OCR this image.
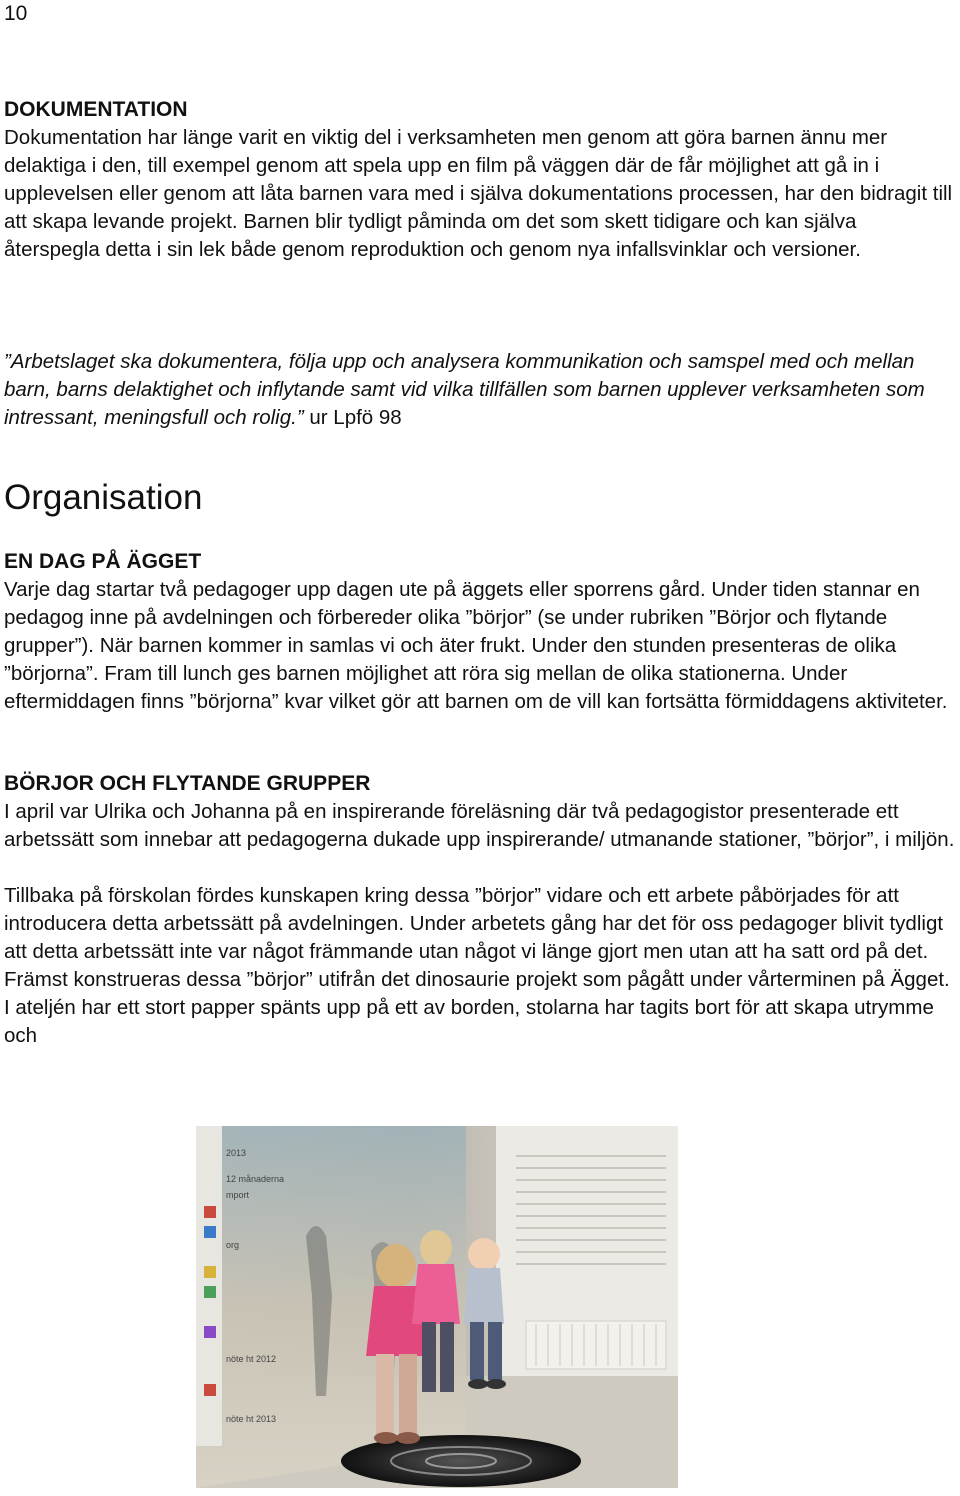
10

DOKUMENTATION

Dokumentation har länge varit en viktig del i verksamheten men genom att göra barnen ännu mer delaktiga i den, till exempel genom att spela upp en film på väggen där de får möjlighet att gå in i upplevelsen eller genom att låta barnen vara med i själva dokumentations processen, har den bidragit till att skapa levande projekt. Barnen blir tydligt påminda om det som skett tidigare och kan själva återspegla detta i sin lek både genom reproduktion och genom nya infallsvinklar och versioner.

”Arbetslaget ska dokumentera, följa upp och analysera kommunikation och samspel med och mellan barn, barns delaktighet och inflytande samt vid vilka tillfällen som barnen upplever verksamheten som intressant, meningsfull och rolig.” ur Lpfö 98

Organisation

EN DAG PÅ ÄGGET

Varje dag startar två pedagoger upp dagen ute på äggets eller sporrens gård. Under tiden stannar en pedagog inne på avdelningen och förbereder olika ”börjor” (se under rubriken ”Börjor och flytande grupper”). När barnen kommer in samlas vi och äter frukt. Under den stunden presenteras de olika ”börjorna”. Fram till lunch ges barnen möjlighet att röra sig mellan de olika stationerna. Under eftermiddagen finns ”börjorna” kvar vilket gör att barnen om de vill kan fortsätta förmiddagens aktiviteter.

BÖRJOR OCH FLYTANDE GRUPPER

I april var Ulrika och Johanna på en inspirerande föreläsning där två pedagogistor presenterade ett arbetssätt som innebar att pedagogerna dukade upp inspirerande/ utmanande stationer, ”börjor”, i miljön.

Tillbaka på förskolan fördes kunskapen kring dessa ”börjor” vidare och ett arbete påbörjades för att introducera detta arbetssätt på avdelningen. Under arbetets gång har det för oss pedagoger blivit tydligt att detta arbetssätt inte var något främmande utan något vi länge gjort men utan att ha satt ord på det. Främst konstrueras dessa ”börjor” utifrån det dinosaurie projekt som pågått under vårterminen på Ägget. I ateljén har ett stort papper spänts upp på ett av borden, stolarna har tagits bort för att skapa utrymme och

2013
12 månaderna
mport
org
nöte ht 2012
nöte ht 2013
